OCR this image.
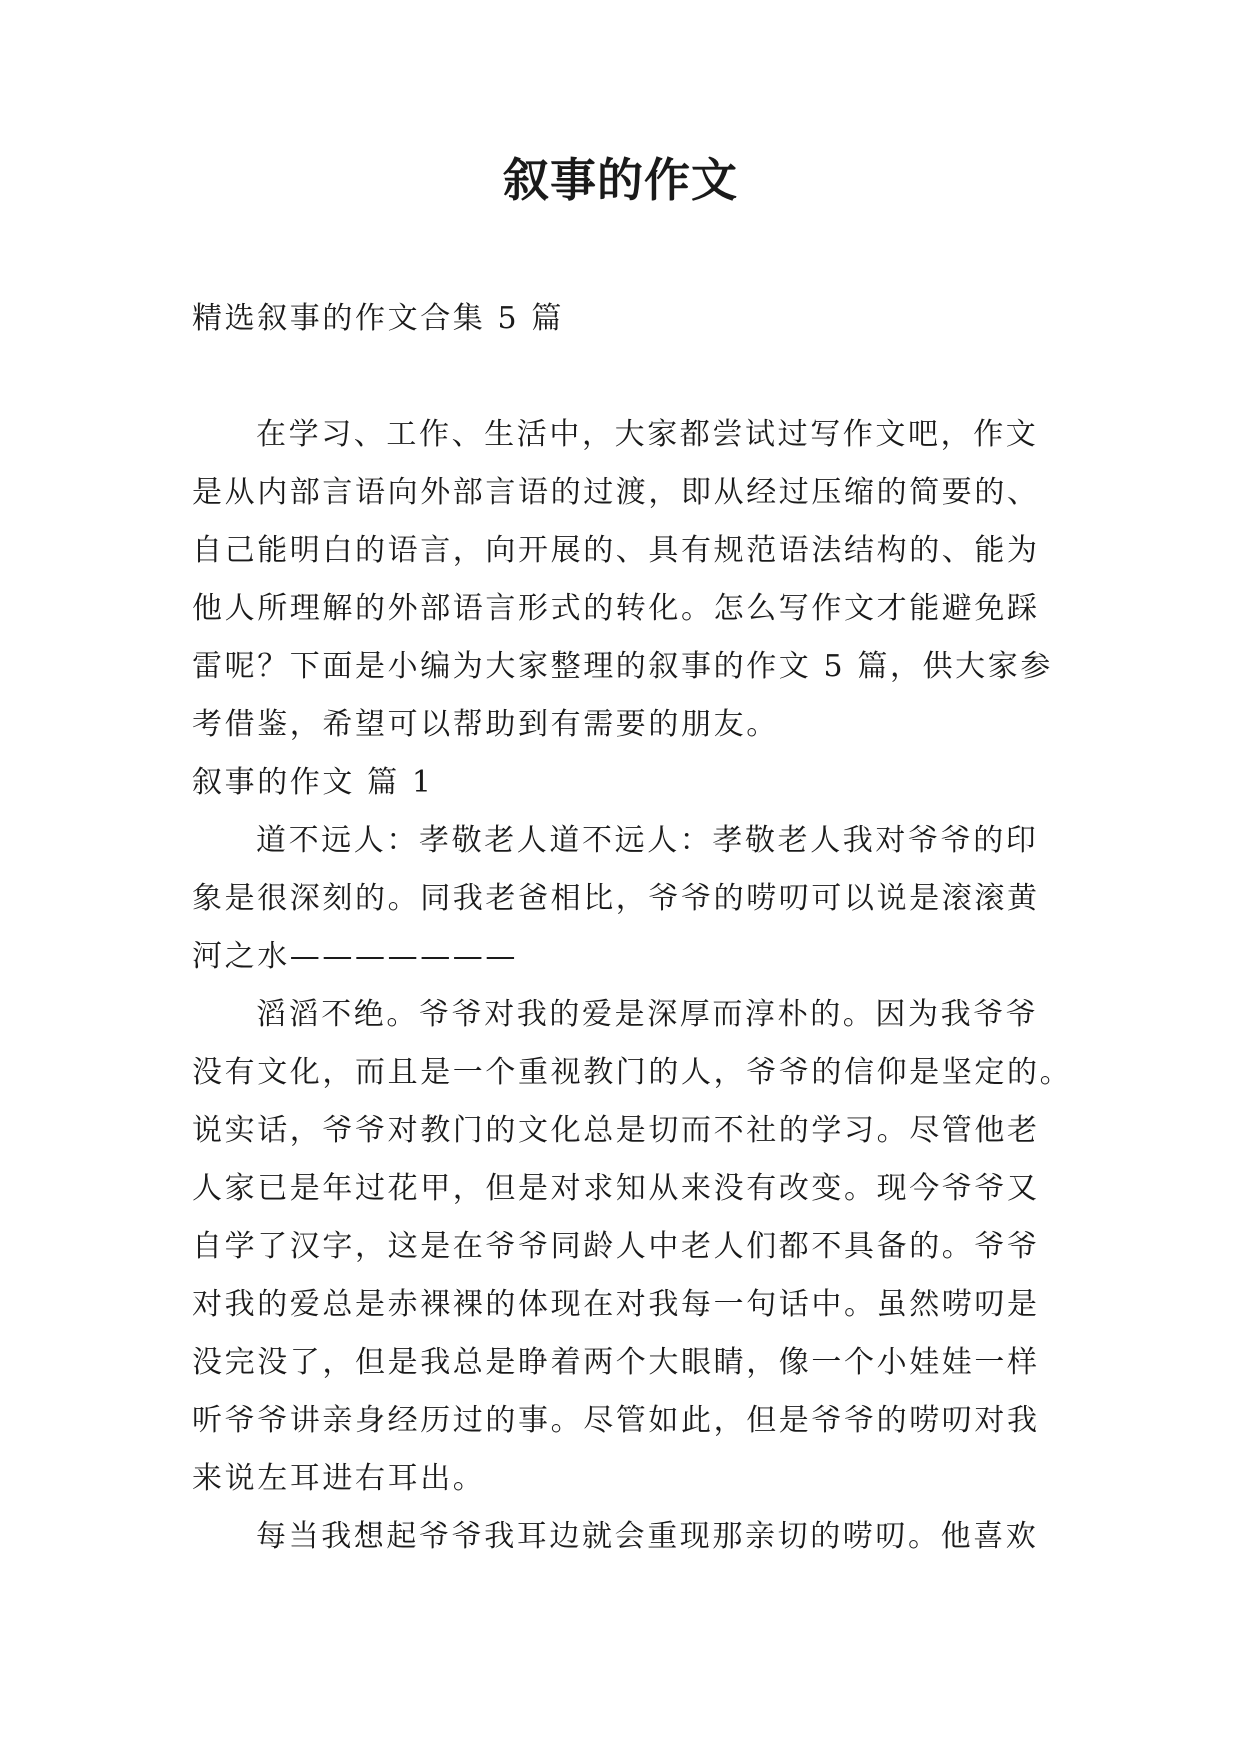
叙事的作文
精选叙事的作文合集 5 篇
在学习、工作、生活中，大家都尝试过写作文吧，作文
是从内部言语向外部言语的过渡，即从经过压缩的简要的、
自己能明白的语言，向开展的、具有规范语法结构的、能为
他人所理解的外部语言形式的转化。怎么写作文才能避免踩
雷呢？下面是小编为大家整理的叙事的作文 5 篇，供大家参
考借鉴，希望可以帮助到有需要的朋友。
叙事的作文 篇 1
道不远人：孝敬老人道不远人：孝敬老人我对爷爷的印
象是很深刻的。同我老爸相比，爷爷的唠叨可以说是滚滚黄
河之水———————
滔滔不绝。爷爷对我的爱是深厚而淳朴的。因为我爷爷
没有文化，而且是一个重视教门的人，爷爷的信仰是坚定的。
说实话，爷爷对教门的文化总是切而不社的学习。尽管他老
人家已是年过花甲，但是对求知从来没有改变。现今爷爷又
自学了汉字，这是在爷爷同龄人中老人们都不具备的。爷爷
对我的爱总是赤裸裸的体现在对我每一句话中。虽然唠叨是
没完没了，但是我总是睁着两个大眼睛，像一个小娃娃一样
听爷爷讲亲身经历过的事。尽管如此，但是爷爷的唠叨对我
来说左耳进右耳出。
每当我想起爷爷我耳边就会重现那亲切的唠叨。他喜欢
